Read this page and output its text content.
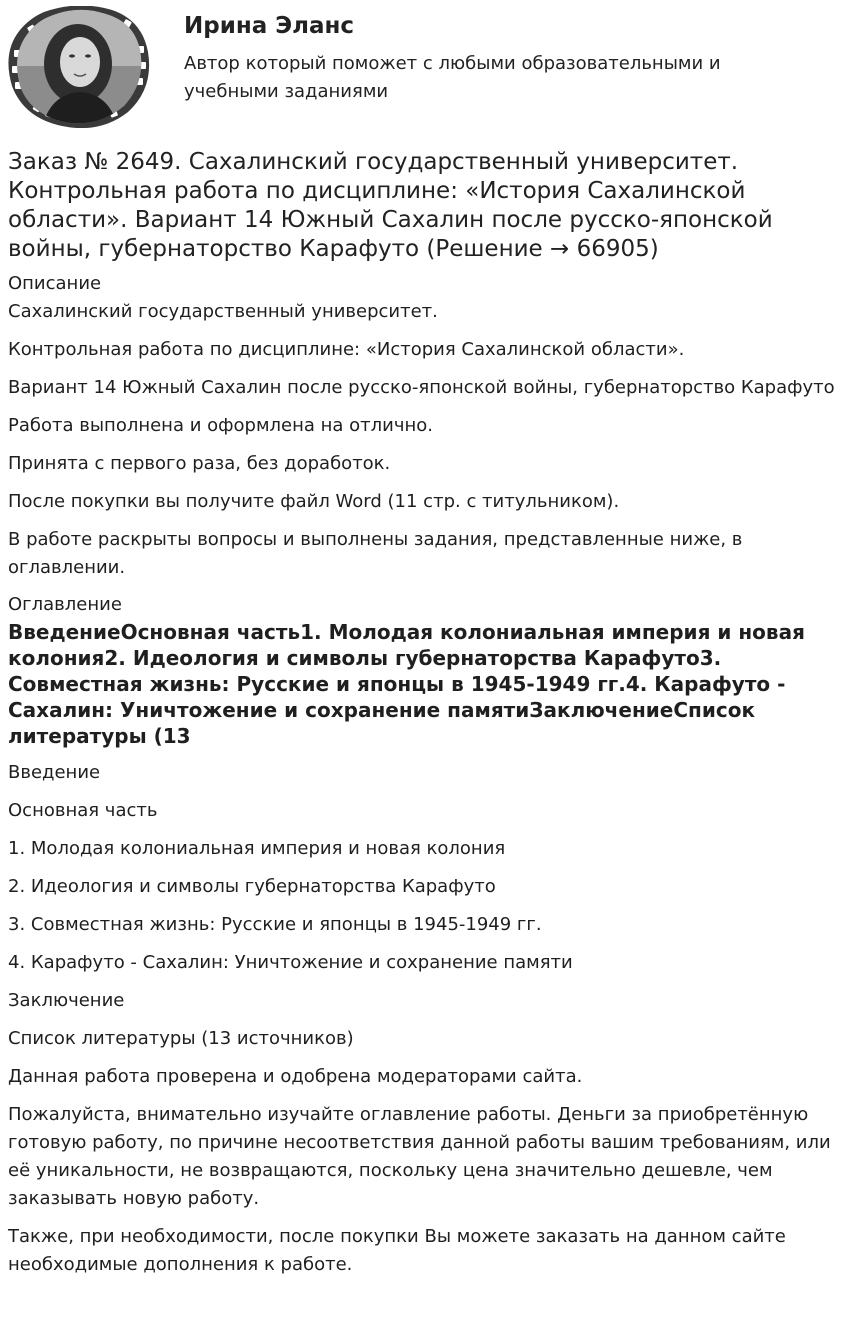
Ирина Эланс
Автор который поможет с любыми образовательными и учебными заданиями
Заказ № 2649. Сахалинский государственный университет. Контрольная работа по дисциплине: «История Сахалинской области». Вариант 14 Южный Сахалин после русско-японской войны, губернаторство Карафуто (Решение → 66905)
Описание

Сахалинский государственный университет.

Контрольная работа по дисциплине: «История Сахалинской области».

Вариант 14 Южный Сахалин после русско-японской войны, губернаторство Карафуто

Работа выполнена и оформлена на отлично.

Принята с первого раза, без доработок.

После покупки вы получите файл Word (11 стр. с титульником).

В работе раскрыты вопросы и выполнены задания, представленные ниже, в оглавлении.

Оглавление
ВведениеОсновная часть1. Молодая колониальная империя и новая колония2. Идеология и символы губернаторства Карафуто3. Совместная жизнь: Русские и японцы в 1945-1949 гг.4. Карафуто - Сахалин: Уничтожение и сохранение памятиЗаключениеСписок литературы (13

Введение

Основная часть

1. Молодая колониальная империя и новая колония

2. Идеология и символы губернаторства Карафуто

3. Совместная жизнь: Русские и японцы в 1945-1949 гг.

4. Карафуто - Сахалин: Уничтожение и сохранение памяти

Заключение

Список литературы (13 источников)

Данная работа проверена и одобрена модераторами сайта.

Пожалуйста, внимательно изучайте оглавление работы. Деньги за приобретённую готовую работу, по причине несоответствия данной работы вашим требованиям, или её уникальности, не возвращаются, поскольку цена значительно дешевле, чем заказывать новую работу.

Также, при необходимости, после покупки Вы можете заказать на данном сайте необходимые дополнения к работе.
